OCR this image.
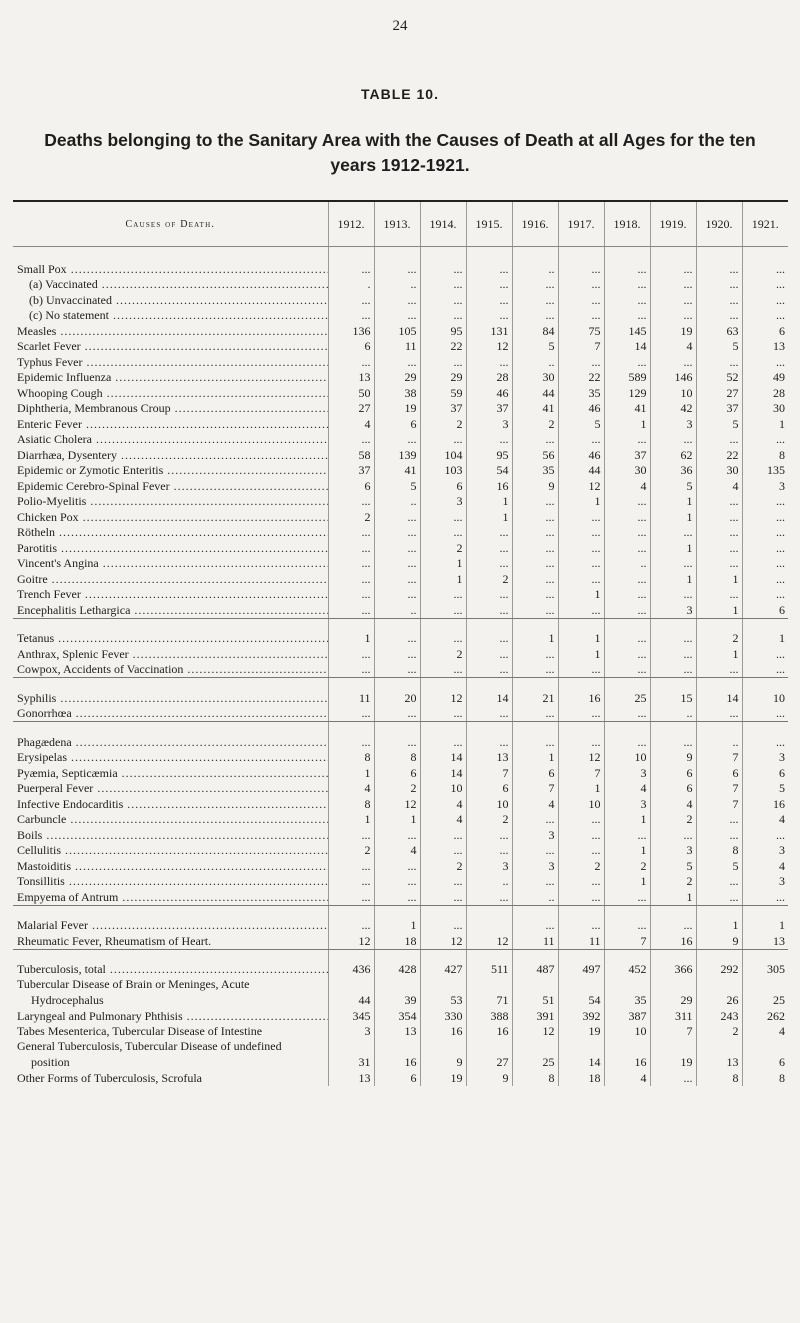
24
TABLE 10.
Deaths belonging to the Sanitary Area with the Causes of Death at all Ages for the ten years 1912-1921.
Causes of Death.	1912.	1913.	1914.	1915.	1916.	1917.	1918.	1919.	1920.	1921.

Small Pox .....	...	...	...	...	..	...	...	...	...	...
(a) Vaccinated .....	.	..	...	...	...	...	...	...	...	...
(b) Unvaccinated .....	...	...	...	...	...	...	...	...	...	...
(c) No statement .....	...	...	...	...	...	...	...	...	...	...
Measles .....	136	105	95	131	84	75	145	19	63	6
Scarlet Fever .....	6	11	22	12	5	7	14	4	5	13
Typhus Fever .....	...	...	...	...	..	...	...	...	...	...
Epidemic Influenza .....	13	29	29	28	30	22	589	146	52	49
Whooping Cough .....	50	38	59	46	44	35	129	10	27	28
Diphtheria, Membranous Croup .....	27	19	37	37	41	46	41	42	37	30
Enteric Fever .....	4	6	2	3	2	5	1	3	5	1
Asiatic Cholera .....	...	...	...	...	...	...	...	...	...	...
Diarrhæa, Dysentery .....	58	139	104	95	56	46	37	62	22	8
Epidemic or Zymotic Enteritis .....	37	41	103	54	35	44	30	36	30	135
Epidemic Cerebro-Spinal Fever .....	6	5	6	16	9	12	4	5	4	3
Polio-Myelitis .....	...	..	3	1	...	1	...	1	...	...
Chicken Pox .....	2	...	...	1	...	...	...	1	...	...
Rötheln .....	...	...	...	...	...	...	...	...	...	...
Parotitis .....	...	...	2	...	...	...	...	1	...	...
Vincent's Angina .....	...	...	1	...	...	...	..	...	...	...
Goitre .....	...	...	1	2	...	...	...	1	1	...
Trench Fever .....	...	...	...	...	...	1	...	...	...	...
Encephalitis Lethargica .....	...	..	...	...	...	...	...	3	1	6

Tetanus .....	1	...	...	...	1	1	...	...	2	1
Anthrax, Splenic Fever .....	...	...	2	...	...	1	...	...	1	...
Cowpox, Accidents of Vaccination .....	...	...	...	...	...	...	...	...	...	...

Syphilis .....	11	20	12	14	21	16	25	15	14	10
Gonorrhœa .....	...	...	...	...	...	...	...	..	...	...

Phagædena .....	...	...	...	...	...	...	...	...	..	...
Erysipelas .....	8	8	14	13	1	12	10	9	7	3
Pyæmia, Septicæmia .....	1	6	14	7	6	7	3	6	6	6
Puerperal Fever .....	4	2	10	6	7	1	4	6	7	5
Infective Endocarditis .....	8	12	4	10	4	10	3	4	7	16
Carbuncle .....	1	1	4	2	...	...	1	2	...	4
Boils .....	...	...	...	...	3	...	...	...	...	...
Cellulitis .....	2	4	...	...	...	...	1	3	8	3
Mastoiditis .....	...	...	2	3	3	2	2	5	5	4
Tonsillitis .....	...	...	...	..	...	...	1	2	...	3
Empyema of Antrum .....	...	...	...	...	..	...	...	1	...	...

Malarial Fever .....	...	1	...		...	...	...	...	1	1
Rheumatic Fever, Rheumatism of Heart.	12	18	12	12	11	11	7	16	9	13

Tuberculosis, total .....	436	428	427	511	487	497	452	366	292	305
Tubercular Disease of Brain or Meninges, Acute Hydrocephalus	44	39	53	71	51	54	35	29	26	25
Laryngeal and Pulmonary Phthisis .....	345	354	330	388	391	392	387	311	243	262
Tabes Mesenterica, Tubercular Disease of Intestine	3	13	16	16	12	19	10	7	2	4
General Tuberculosis, Tubercular Disease of undefined position	31	16	9	27	25	14	16	19	13	6
Other Forms of Tuberculosis, Scrofula	13	6	19	9	8	18	4	...	8	8
